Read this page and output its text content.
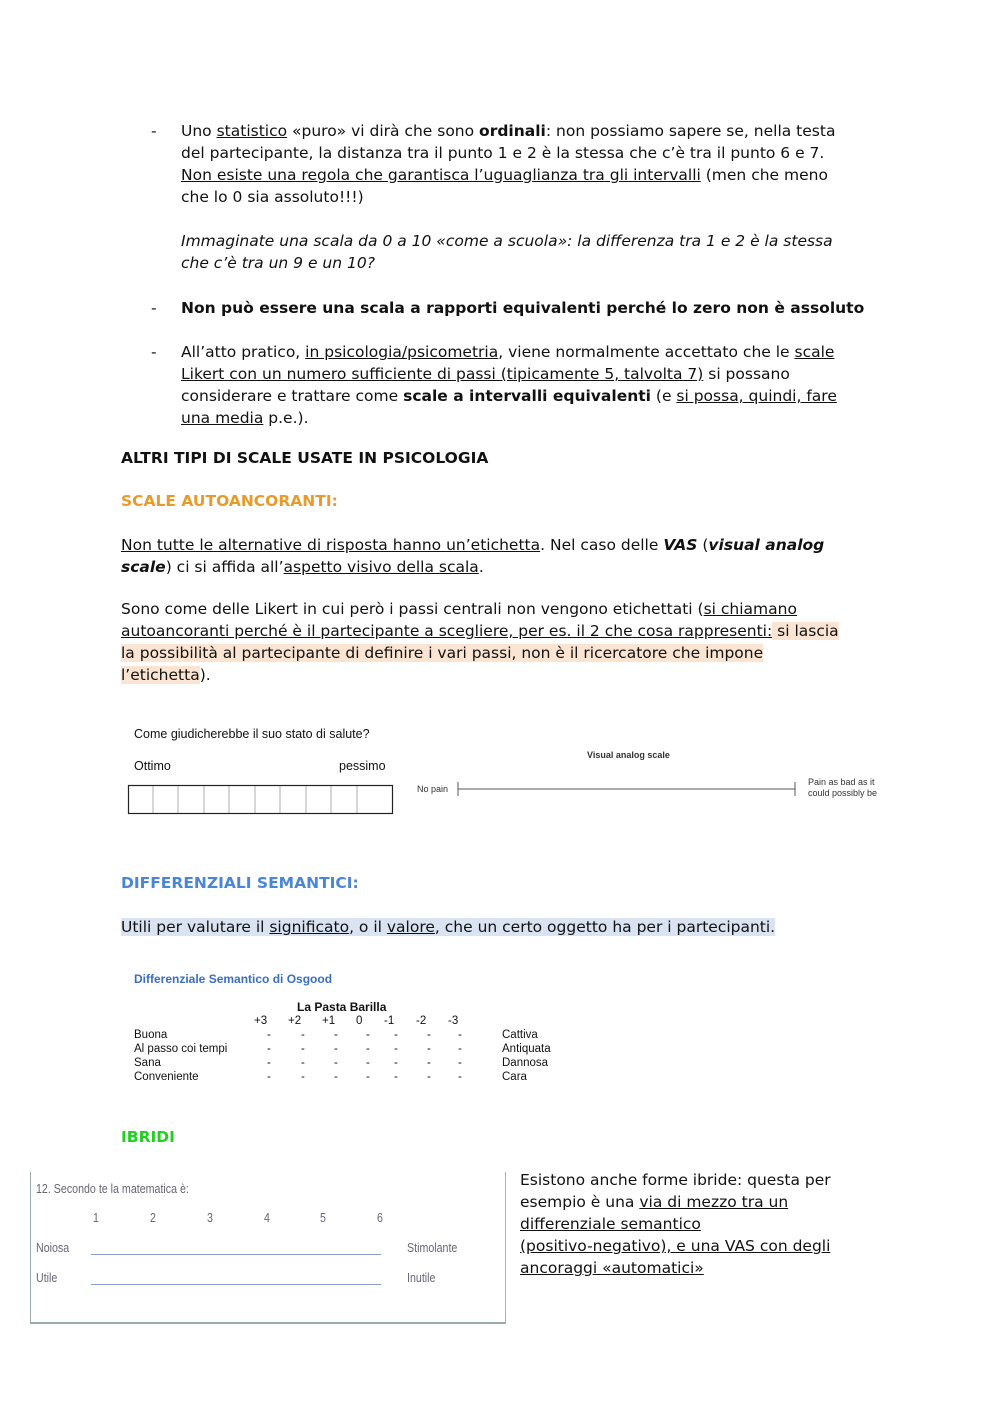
- Uno statistico «puro» vi dirà che sono ordinali: non possiamo sapere se, nella testa
del partecipante, la distanza tra il punto 1 e 2 è la stessa che c’è tra il punto 6 e 7.
Non esiste una regola che garantisca l’uguaglianza tra gli intervalli (men che meno
che lo 0 sia assoluto!!!)
Immaginate una scala da 0 a 10 «come a scuola»: la differenza tra 1 e 2 è la stessa
che c’è tra un 9 e un 10?
- Non può essere una scala a rapporti equivalenti perché lo zero non è assoluto
- All’atto pratico, in psicologia/psicometria, viene normalmente accettato che le scale
Likert con un numero sufficiente di passi (tipicamente 5, talvolta 7) si possano
considerare e trattare come scale a intervalli equivalenti (e si possa, quindi, fare
una media p.e.).
ALTRI TIPI DI SCALE USATE IN PSICOLOGIA
SCALE AUTOANCORANTI:
Non tutte le alternative di risposta hanno un’etichetta. Nel caso delle VAS (visual analog
scale) ci si affida all’aspetto visivo della scala.
Sono come delle Likert in cui però i passi centrali non vengono etichettati (si chiamano
autoancoranti perché è il partecipante a scegliere, per es. il 2 che cosa rappresenti: si lascia
la possibilità al partecipante di definire i vari passi, non è il ricercatore che impone
l’etichetta).
Come giudicherebbe il suo stato di salute?
Ottimo	pessimo
Visual analog scale
No pain
Pain as bad as it
could possibly be
DIFFERENZIALI SEMANTICI:
Utili per valutare il significato, o il valore, che un certo oggetto ha per i partecipanti.
Differenziale Semantico di Osgood
La Pasta Barilla
+3 +2 +1 0 -1 -2 -3
Buona	-	-	- - -	- -	Cattiva
Al passo coi tempi	-	-	- - -	- -	Antiquata
Sana	-	-	- - -	- -	Dannosa
Conveniente	-	-	- - -	- -	Cara
IBRIDI
12. Secondo te la matematica è:
1	2	3	4	5	6
Noiosa	Stimolante
Utile	Inutile
Esistono anche forme ibride: questa per
esempio è una via di mezzo tra un
differenziale semantico
(positivo-negativo), e una VAS con degli
ancoraggi «automatici»
